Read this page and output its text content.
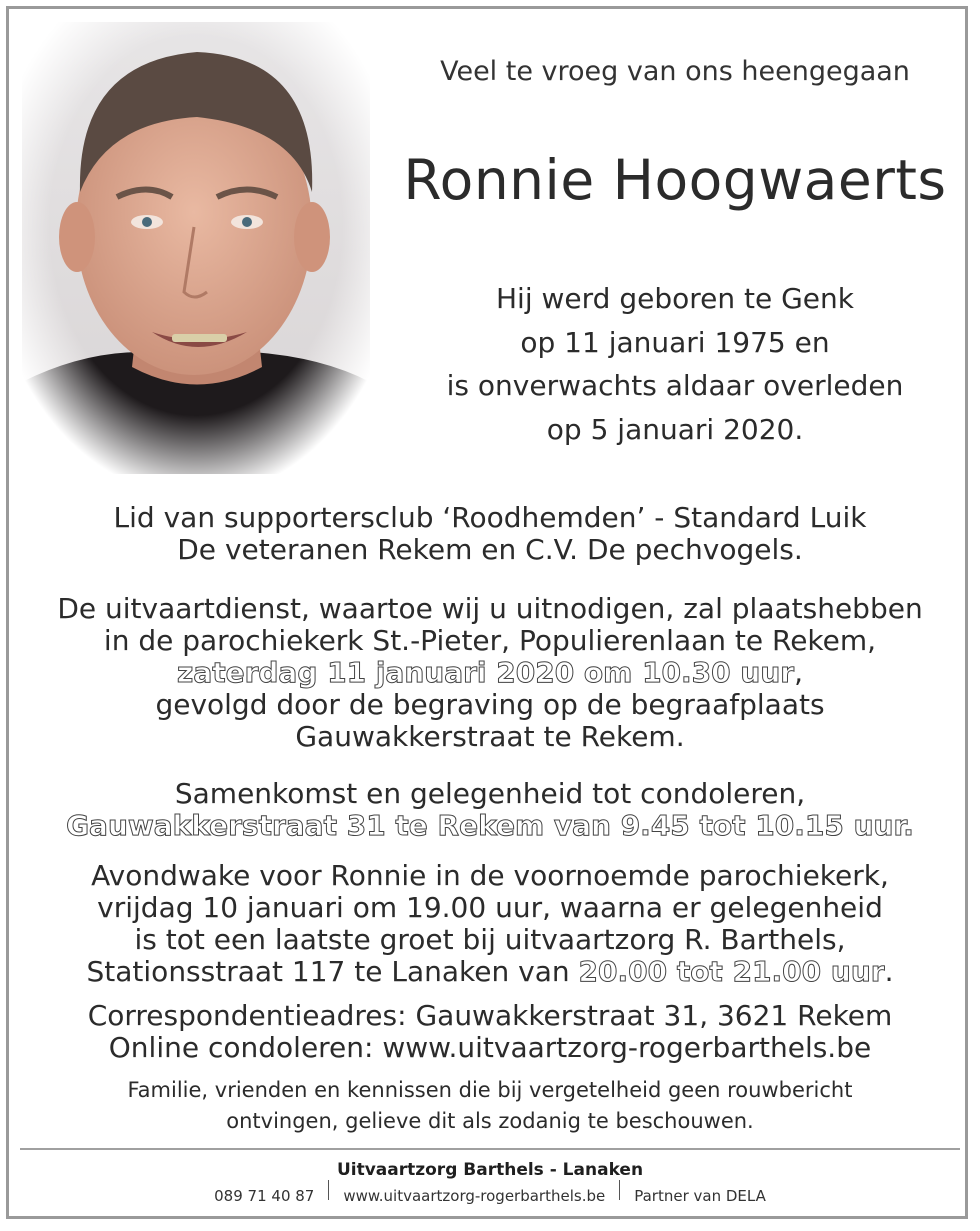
Veel te vroeg van ons heengegaan
Ronnie Hoogwaerts
Hij werd geboren te Genk
op 11 januari 1975 en
is onverwachts aldaar overleden
op 5 januari 2020.
Lid van supportersclub ‘Roodhemden’ - Standard Luik
De veteranen Rekem en C.V. De pechvogels.
De uitvaartdienst, waartoe wij u uitnodigen, zal plaatshebben
in de parochiekerk St.-Pieter, Populierenlaan te Rekem,
zaterdag 11 januari 2020 om 10.30 uur,
gevolgd door de begraving op de begraafplaats
Gauwakkerstraat te Rekem.
Samenkomst en gelegenheid tot condoleren,
Gauwakkerstraat 31 te Rekem van 9.45 tot 10.15 uur.
Avondwake voor Ronnie in de voornoemde parochiekerk,
vrijdag 10 januari om 19.00 uur, waarna er gelegenheid
is tot een laatste groet bij uitvaartzorg R. Barthels,
Stationsstraat 117 te Lanaken van 20.00 tot 21.00 uur.
Correspondentieadres: Gauwakkerstraat 31, 3621 Rekem
Online condoleren: www.uitvaartzorg-rogerbarthels.be
Familie, vrienden en kennissen die bij vergetelheid geen rouwbericht
ontvingen, gelieve dit als zodanig te beschouwen.
Uitvaartzorg Barthels - Lanaken
089 71 40 87 www.uitvaartzorg-rogerbarthels.be Partner van DELA
